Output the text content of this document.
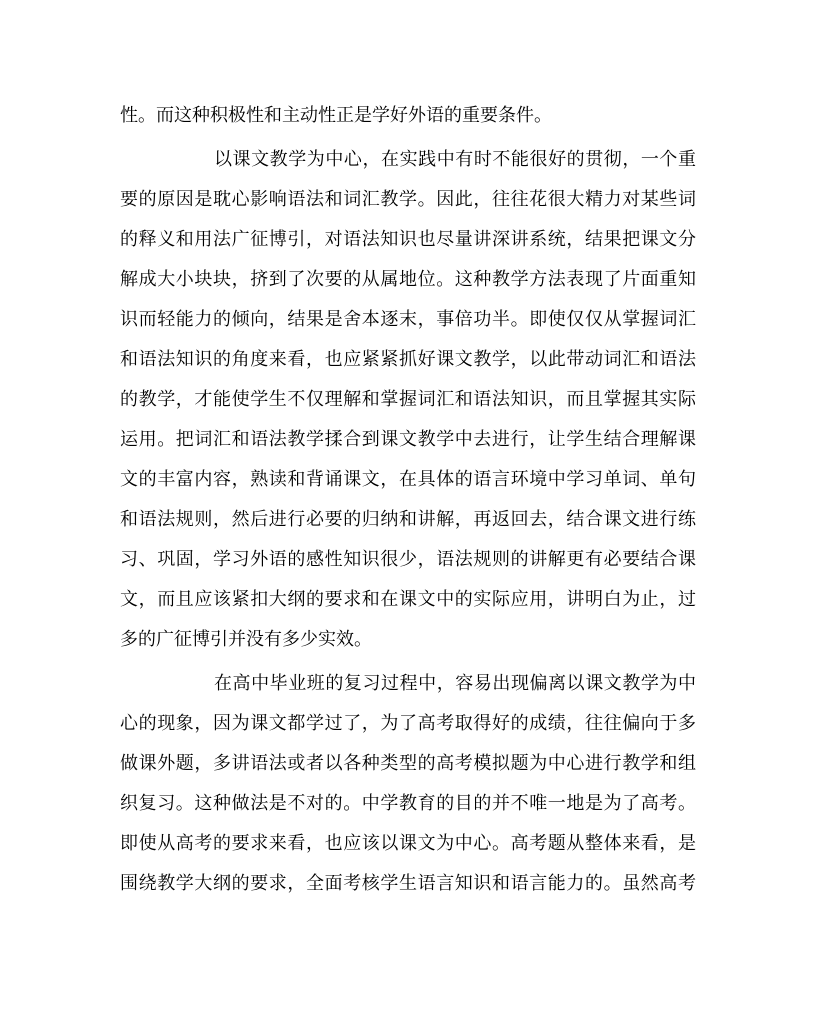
性。而这种积极性和主动性正是学好外语的重要条件。
以课文教学为中心，在实践中有时不能很好的贯彻，一个重
要的原因是耽心影响语法和词汇教学。因此，往往花很大精力对某些词
的释义和用法广征博引，对语法知识也尽量讲深讲系统，结果把课文分
解成大小块块，挤到了次要的从属地位。这种教学方法表现了片面重知
识而轻能力的倾向，结果是舍本逐末，事倍功半。即使仅仅从掌握词汇
和语法知识的角度来看，也应紧紧抓好课文教学，以此带动词汇和语法
的教学，才能使学生不仅理解和掌握词汇和语法知识，而且掌握其实际
运用。把词汇和语法教学揉合到课文教学中去进行，让学生结合理解课
文的丰富内容，熟读和背诵课文，在具体的语言环境中学习单词、单句
和语法规则，然后进行必要的归纳和讲解，再返回去，结合课文进行练
习、巩固，学习外语的感性知识很少，语法规则的讲解更有必要结合课
文，而且应该紧扣大纲的要求和在课文中的实际应用，讲明白为止，过
多的广征博引并没有多少实效。
在高中毕业班的复习过程中，容易出现偏离以课文教学为中
心的现象，因为课文都学过了，为了高考取得好的成绩，往往偏向于多
做课外题，多讲语法或者以各种类型的高考模拟题为中心进行教学和组
织复习。这种做法是不对的。中学教育的目的并不唯一地是为了高考。
即使从高考的要求来看，也应该以课文为中心。高考题从整体来看，是
围绕教学大纲的要求，全面考核学生语言知识和语言能力的。虽然高考
